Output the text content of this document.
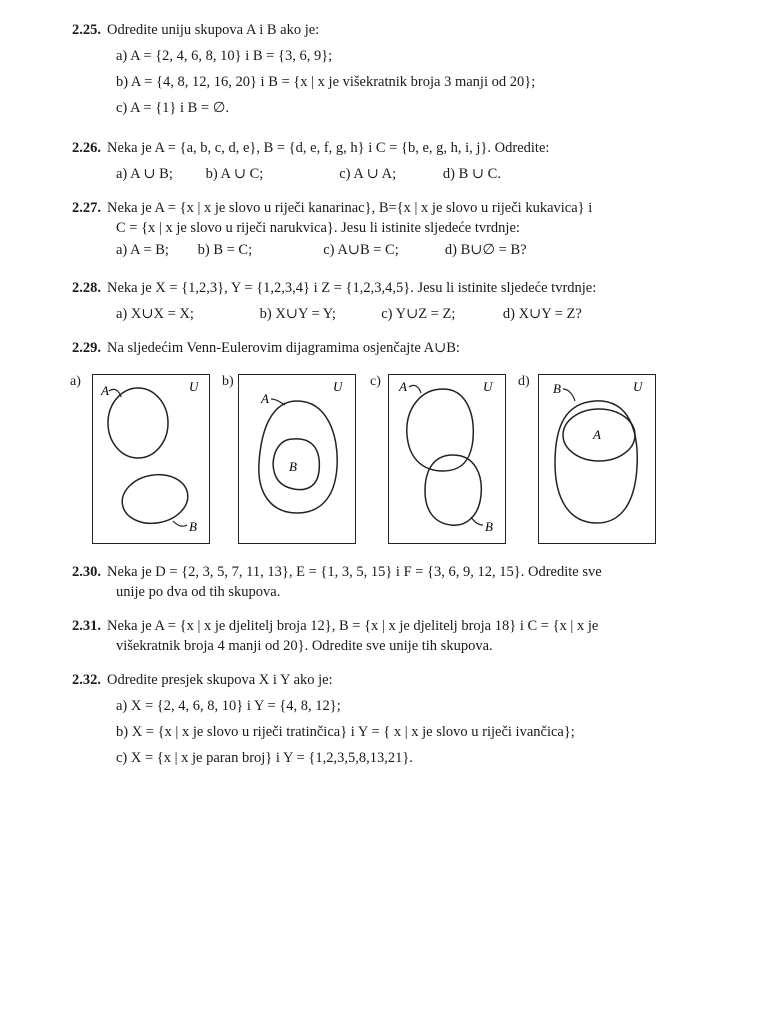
2.25. Odredite uniju skupova A i B ako je:
a) A = {2, 4, 6, 8, 10} i B = {3, 6, 9};
b) A = {4, 8, 12, 16, 20} i B = {x | x je višekratnik broja 3 manji od 20};
c) A = {1} i B = ∅.
2.26. Neka je A = {a, b, c, d, e}, B = {d, e, f, g, h} i C = {b, e, g, h, i, j}. Odredite:
a) A ∪ B; b) A ∪ C;	c) A ∪ A;	d) B ∪ C.
2.27. Neka je A = {x | x je slovo u riječi kanarinac}, B={x | x je slovo u riječi kukavica} i
C = {x | x je slovo u riječi narukvica}. Jesu li istinite sljedeće tvrdnje:
a) A = B; b) B = C;	c) A∪B = C;	d) B∪∅ = B?
2.28. Neka je X = {1,2,3}, Y = {1,2,3,4} i Z = {1,2,3,4,5}. Jesu li istinite sljedeće tvrdnje:
a) X∪X = X;	b) X∪Y = Y;	c) Y∪Z = Z;	d) X∪Y = Z?
2.29. Na sljedećim Venn-Eulerovim dijagramima osjenčajte A∪B:
a)
A
B
U b)
A
B
U c) A
B
U d) B
A
U
2.30. Neka je D = {2, 3, 5, 7, 11, 13}, E = {1, 3, 5, 15} i F = {3, 6, 9, 12, 15}. Odredite sve
unije po dva od tih skupova.
2.31. Neka je A = {x | x je djelitelj broja 12}, B = {x | x je djelitelj broja 18} i C = {x | x je
višekratnik broja 4 manji od 20}. Odredite sve unije tih skupova.
2.32. Odredite presjek skupova X i Y ako je:
a) X = {2, 4, 6, 8, 10} i Y = {4, 8, 12};
b) X = {x | x je slovo u riječi tratinčica} i Y = { x | x je slovo u riječi ivančica};
c) X = {x | x je paran broj} i Y = {1,2,3,5,8,13,21}.
